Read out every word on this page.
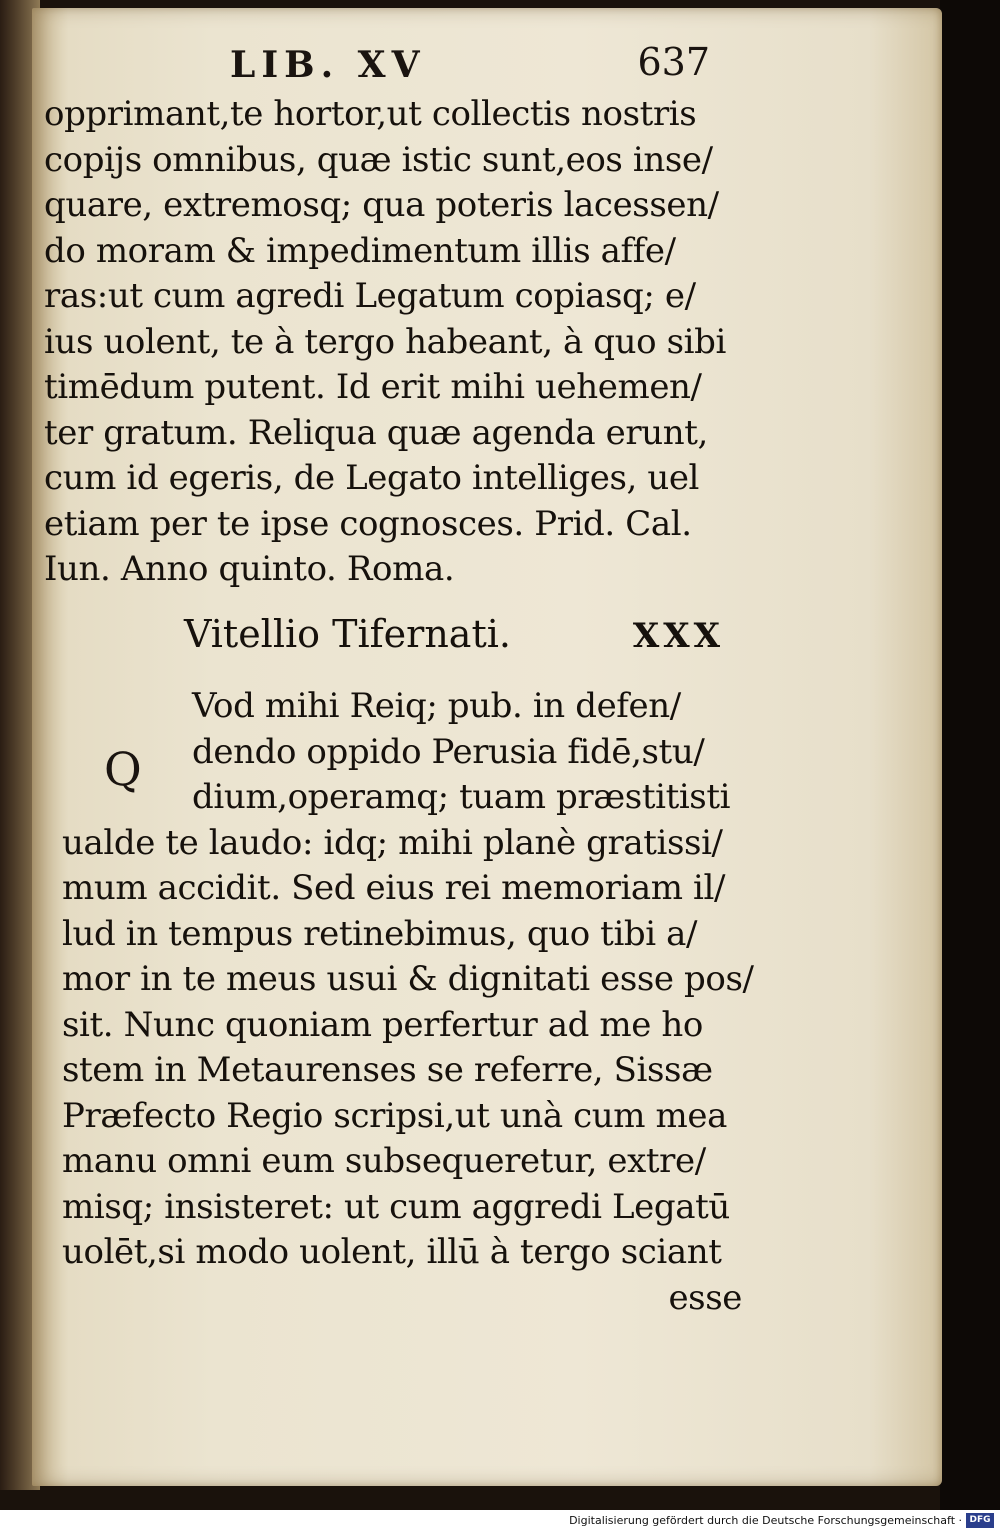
LIB. XV	637
opprimant,te hortor,ut collectis nostris
copijs omnibus, quæ istic sunt,eos inse/
quare, extremosq; qua poteris lacessen/
do moram & impedimentum illis affe/
ras:ut cum agredi Legatum copiasq; e/
ius uolent, te à tergo habeant, à quo sibi
timēdum putent. Id erit mihi uehemen/
ter gratum. Reliqua quæ agenda erunt,
cum id egeris, de Legato intelliges, uel
etiam per te ipse cognosces. Prid. Cal.
Iun. Anno quinto. Roma.
Vitellio Tifernati.	XXX
Q
Vod mihi Reiq; pub. in defen/
dendo oppido Perusia fidē,stu/
dium,operamq; tuam præstitisti
ualde te laudo: idq; mihi planè gratissi/
mum accidit. Sed eius rei memoriam il/
lud in tempus retinebimus, quo tibi a/
mor in te meus usui & dignitati esse pos/
sit. Nunc quoniam perfertur ad me ho
stem in Metaurenses se referre, Sissæ
Præfecto Regio scripsi,ut unà cum mea
manu omni eum subsequeretur, extre/
misq; insisteret: ut cum aggredi Legatū
uolēt,si modo uolent, illū à tergo sciant
esse
Digitalisierung gefördert durch die Deutsche Forschungsgemeinschaft · DFG
